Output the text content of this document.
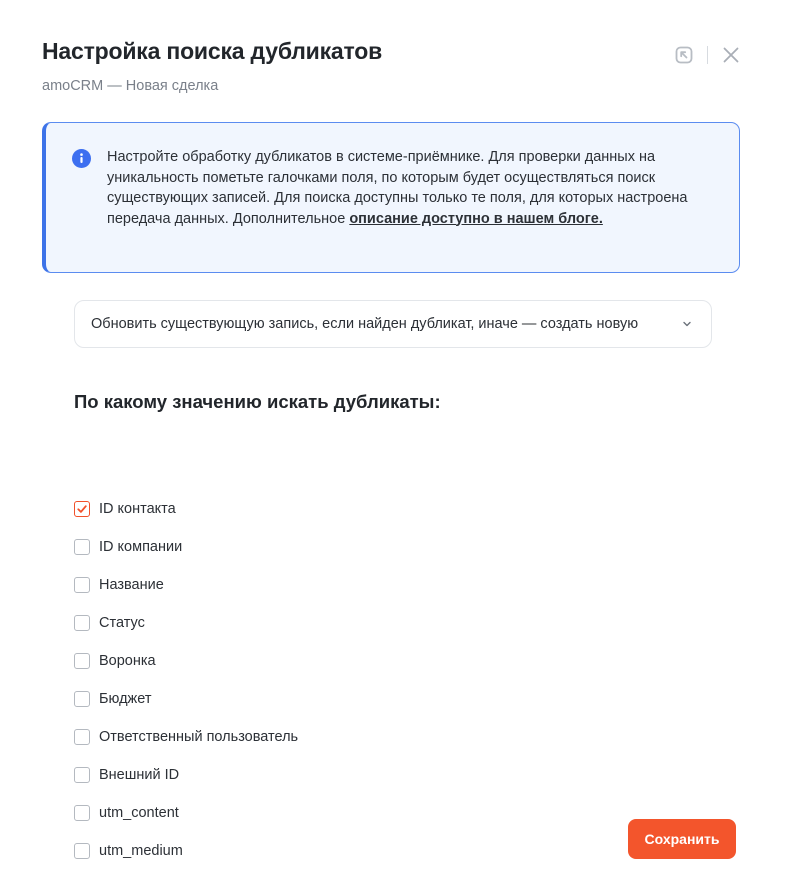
Настройка поиска дубликатов
amoCRM — Новая сделка
Настройте обработку дубликатов в системе-приёмнике. Для проверки данных на уникальность пометьте галочками поля, по которым будет осуществляться поиск существующих записей. Для поиска доступны только те поля, для которых настроена передача данных. Дополнительное описание доступно в нашем блоге.
Обновить существующую запись, если найден дубликат, иначе — создать новую
По какому значению искать дубликаты:
ID контакта
ID компании
Название
Статус
Воронка
Бюджет
Ответственный пользователь
Внешний ID
utm_content
utm_medium
Сохранить
